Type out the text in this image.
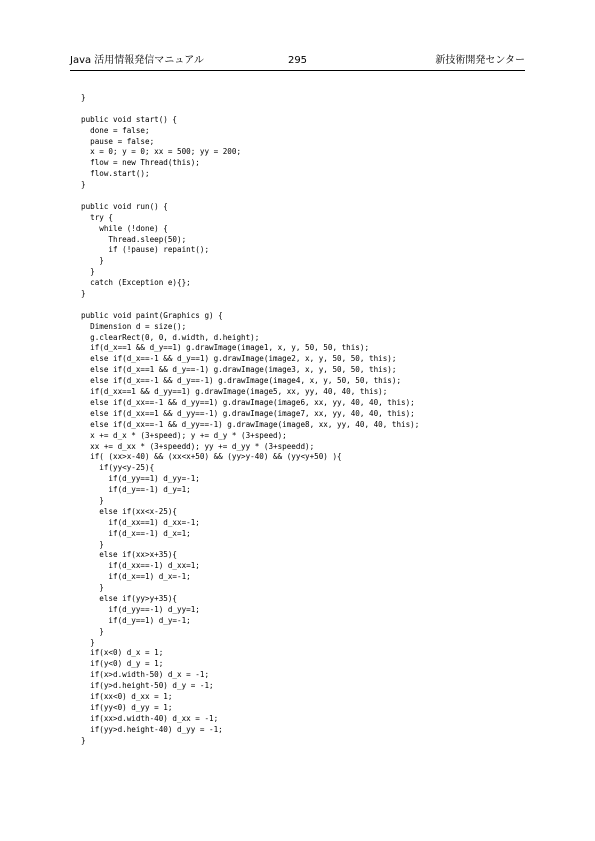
Java 活用情報発信マニュアル	295	新技術開発センター
}
public void start() {
done = false;
pause = false;
x = 0; y = 0; xx = 500; yy = 200;
flow = new Thread(this);
flow.start();
}
public void run() {
try {
while (!done) {
Thread.sleep(50);
if (!pause) repaint();
}
}
catch (Exception e){};
}
public void paint(Graphics g) {
Dimension d = size();
g.clearRect(0, 0, d.width, d.height);
if(d_x==1 && d_y==1) g.drawImage(image1, x, y, 50, 50, this);
else if(d_x==-1 && d_y==1) g.drawImage(image2, x, y, 50, 50, this);
else if(d_x==1 && d_y==-1) g.drawImage(image3, x, y, 50, 50, this);
else if(d_x==-1 && d_y==-1) g.drawImage(image4, x, y, 50, 50, this);
if(d_xx==1 && d_yy==1) g.drawImage(image5, xx, yy, 40, 40, this);
else if(d_xx==-1 && d_yy==1) g.drawImage(image6, xx, yy, 40, 40, this);
else if(d_xx==1 && d_yy==-1) g.drawImage(image7, xx, yy, 40, 40, this);
else if(d_xx==-1 && d_yy==-1) g.drawImage(image8, xx, yy, 40, 40, this);
x += d_x * (3+speed); y += d_y * (3+speed);
xx += d_xx * (3+speedd); yy += d_yy * (3+speedd);
if( (xx>x-40) && (xx<x+50) && (yy>y-40) && (yy<y+50) ){
if(yy<y-25){
if(d_yy==1) d_yy=-1;
if(d_y==-1) d_y=1;
}
else if(xx<x-25){
if(d_xx==1) d_xx=-1;
if(d_x==-1) d_x=1;
}
else if(xx>x+35){
if(d_xx==-1) d_xx=1;
if(d_x==1) d_x=-1;
}
else if(yy>y+35){
if(d_yy==-1) d_yy=1;
if(d_y==1) d_y=-1;
}
}
if(x<0) d_x = 1;
if(y<0) d_y = 1;
if(x>d.width-50) d_x = -1;
if(y>d.height-50) d_y = -1;
if(xx<0) d_xx = 1;
if(yy<0) d_yy = 1;
if(xx>d.width-40) d_xx = -1;
if(yy>d.height-40) d_yy = -1;
}
